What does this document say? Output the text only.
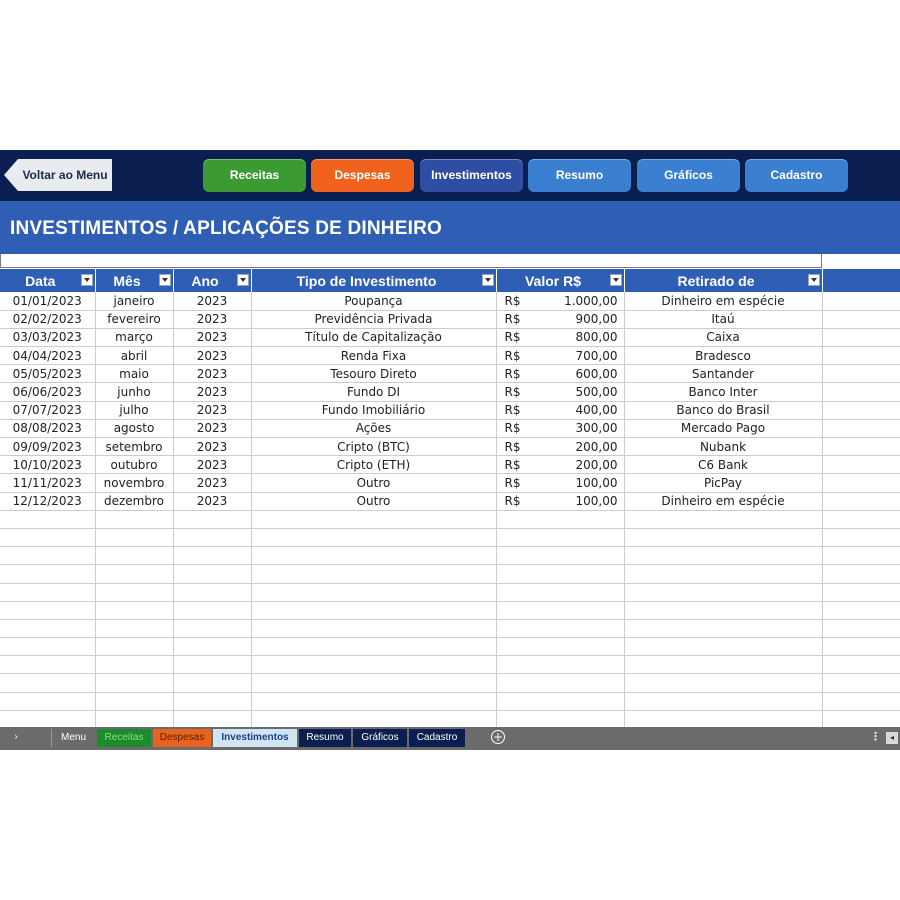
Voltar ao Menu	Receitas	Despesas	Investimentos	Resumo	Gráficos	Cadastro
INVESTIMENTOS / APLICAÇÕES DE DINHEIRO
Data	Mês	Ano	Tipo de Investimento	Valor R$	Retirado de

01/01/2023	janeiro	2023	Poupança	R$ 1.000,00	Dinheiro em espécie	
02/02/2023	fevereiro	2023	Previdência Privada	R$ 900,00	Itaú	
03/03/2023	março	2023	Título de Capitalização	R$ 800,00	Caixa	
04/04/2023	abril	2023	Renda Fixa	R$ 700,00	Bradesco	
05/05/2023	maio	2023	Tesouro Direto	R$ 600,00	Santander	
06/06/2023	junho	2023	Fundo DI	R$ 500,00	Banco Inter	
07/07/2023	julho	2023	Fundo Imobiliário	R$ 400,00	Banco do Brasil	
08/08/2023	agosto	2023	Ações	R$ 300,00	Mercado Pago	
09/09/2023	setembro	2023	Cripto (BTC)	R$ 200,00	Nubank	
10/10/2023	outubro	2023	Cripto (ETH)	R$ 200,00	C6 Bank	
11/11/2023	novembro	2023	Outro	R$ 100,00	PicPay	
12/12/2023	dezembro	2023	Outro	R$ 100,00	Dinheiro em espécie	

›	Menu	Receitas	Despesas	Investimentos	Resumo	Gráficos	Cadastro	+	⋮	◂
